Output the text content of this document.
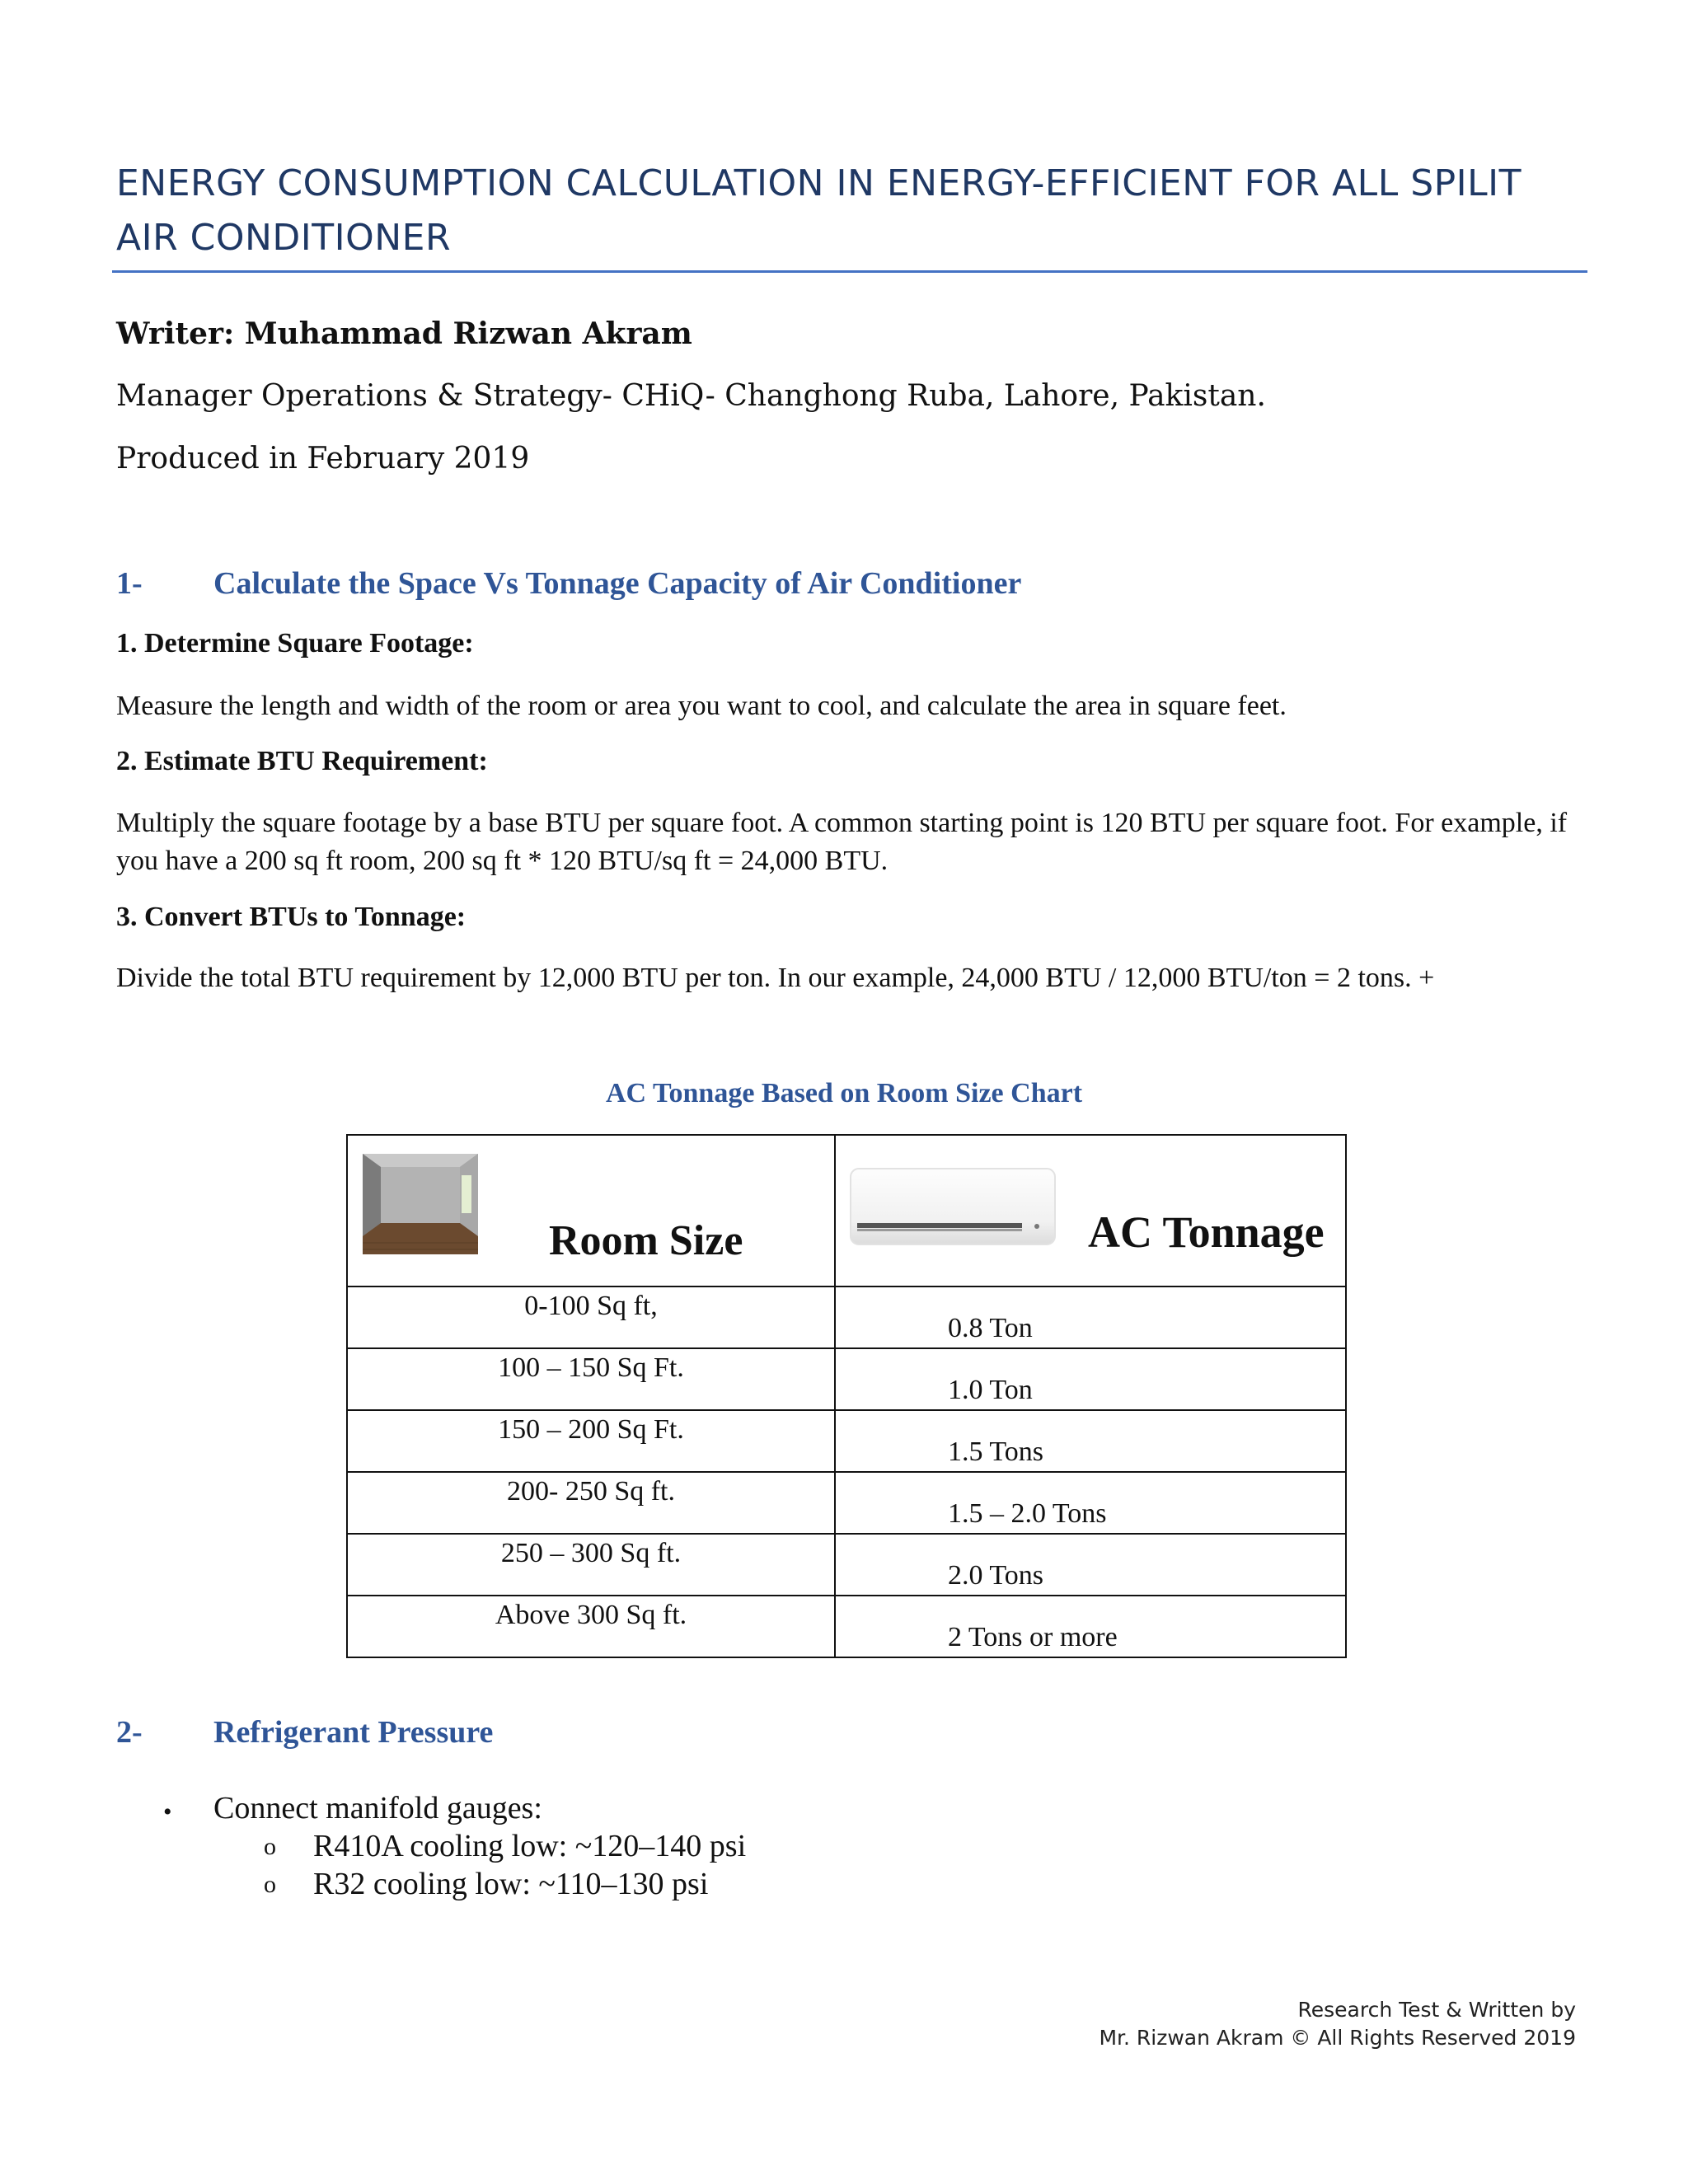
ENERGY CONSUMPTION CALCULATION IN ENERGY-EFFICIENT FOR ALL SPILIT AIR CONDITIONER
Writer: Muhammad Rizwan Akram
Manager Operations & Strategy- CHiQ- Changhong Ruba, Lahore, Pakistan.
Produced in February 2019
1- Calculate the Space Vs Tonnage Capacity of Air Conditioner
1. Determine Square Footage:
Measure the length and width of the room or area you want to cool, and calculate the area in square feet.
2. Estimate BTU Requirement:
Multiply the square footage by a base BTU per square foot. A common starting point is 120 BTU per square foot. For example, if you have a 200 sq ft room, 200 sq ft * 120 BTU/sq ft = 24,000 BTU.
3. Convert BTUs to Tonnage:
Divide the total BTU requirement by 12,000 BTU per ton. In our example, 24,000 BTU / 12,000 BTU/ton = 2 tons. +
AC Tonnage Based on Room Size Chart
Room Size	AC Tonnage

0-100 Sq ft,	0.8 Ton
100 – 150 Sq Ft.	1.0 Ton
150 – 200 Sq Ft.	1.5 Tons
200- 250 Sq ft.	1.5 – 2.0 Tons
250 – 300 Sq ft.	2.0 Tons
Above 300 Sq ft.	2 Tons or more
2- Refrigerant Pressure
• Connect manifold gauges:
o R410A cooling low: ~120–140 psi
o R32 cooling low: ~110–130 psi
Research Test & Written by
Mr. Rizwan Akram © All Rights Reserved 2019
